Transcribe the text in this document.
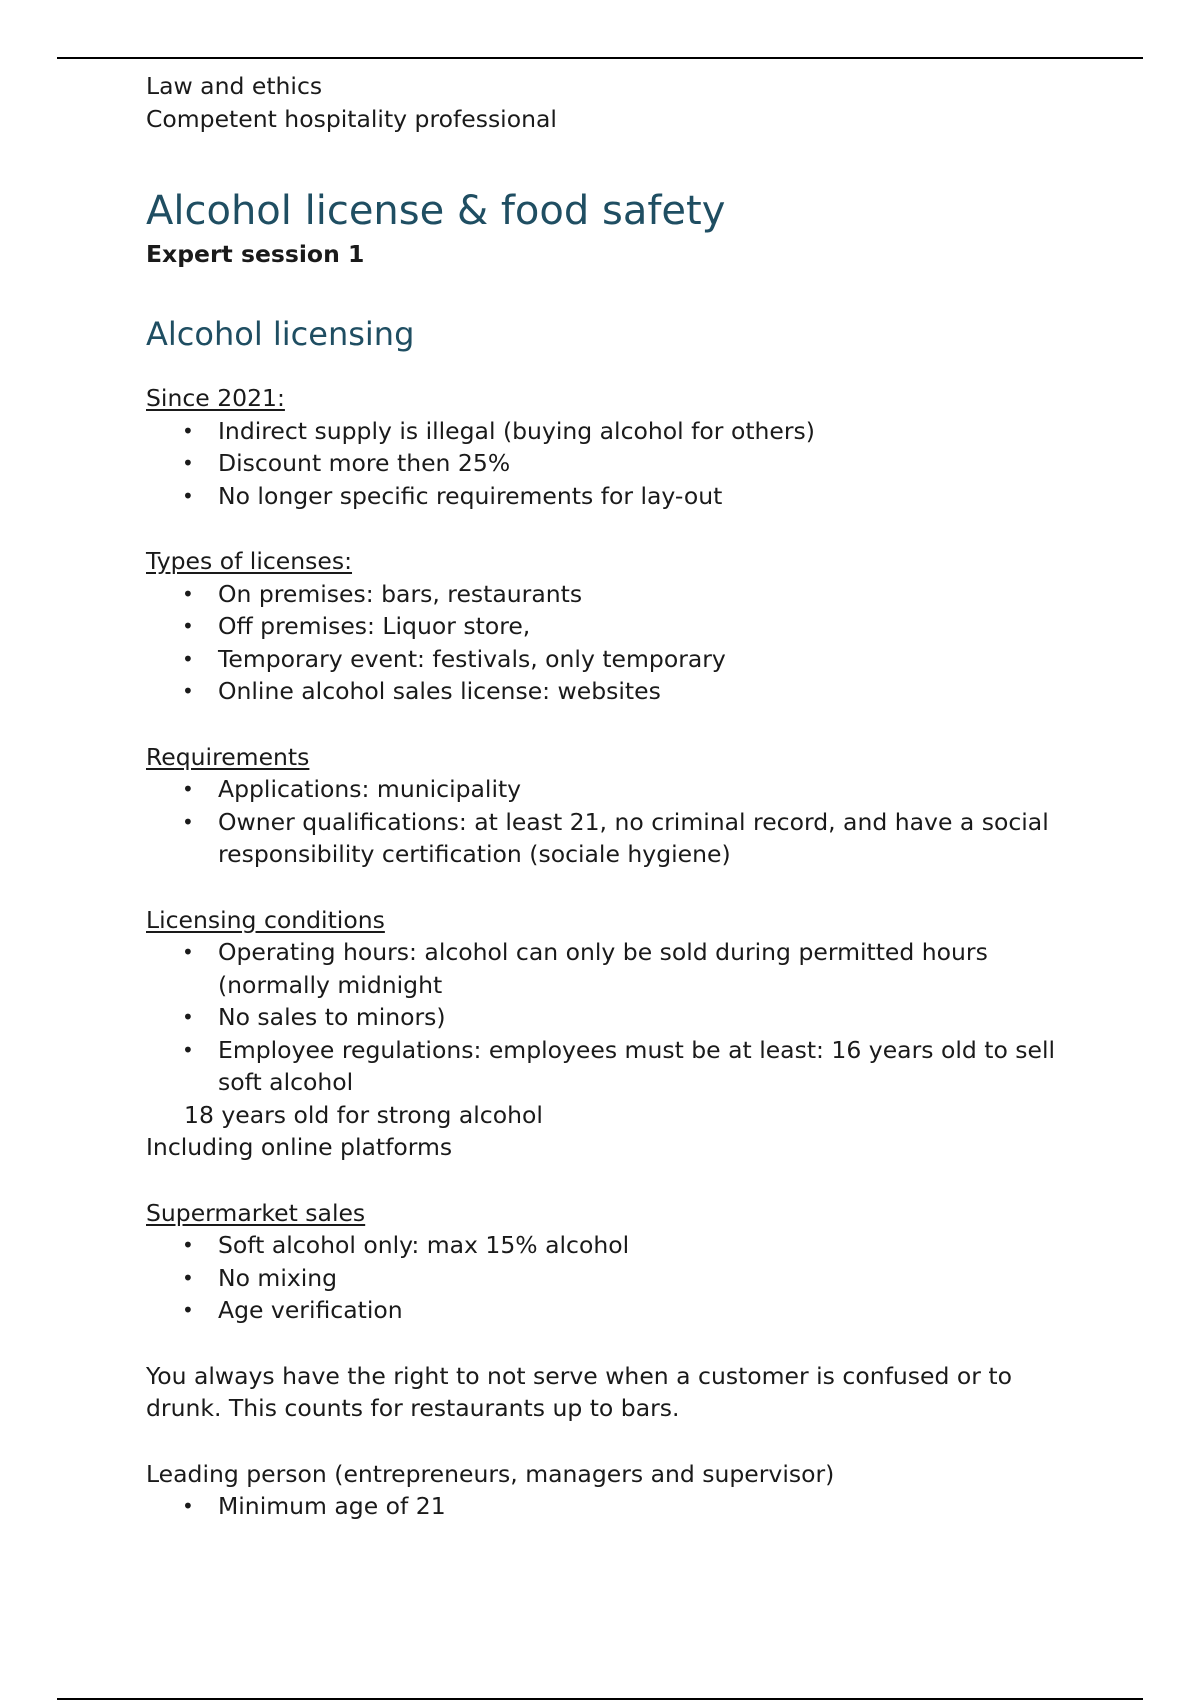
Law and ethics
Competent hospitality professional
Alcohol license & food safety

Expert session 1

Alcohol licensing
Since 2021:
• Indirect supply is illegal (buying alcohol for others)
• Discount more then 25%
• No longer specific requirements for lay-out
Types of licenses:
• On premises: bars, restaurants
• Off premises: Liquor store,
• Temporary event: festivals, only temporary
• Online alcohol sales license: websites
Requirements
• Applications: municipality
• Owner qualifications: at least 21, no criminal record, and have a social responsibility certification (sociale hygiene)
Licensing conditions
• Operating hours: alcohol can only be sold during permitted hours (normally midnight
• No sales to minors)
• Employee regulations: employees must be at least: 16 years old to sell soft alcohol
18 years old for strong alcohol
Including online platforms
Supermarket sales
• Soft alcohol only: max 15% alcohol
• No mixing
• Age verification

You always have the right to not serve when a customer is confused or to drunk. This counts for restaurants up to bars.

Leading person (entrepreneurs, managers and supervisor)
• Minimum age of 21
